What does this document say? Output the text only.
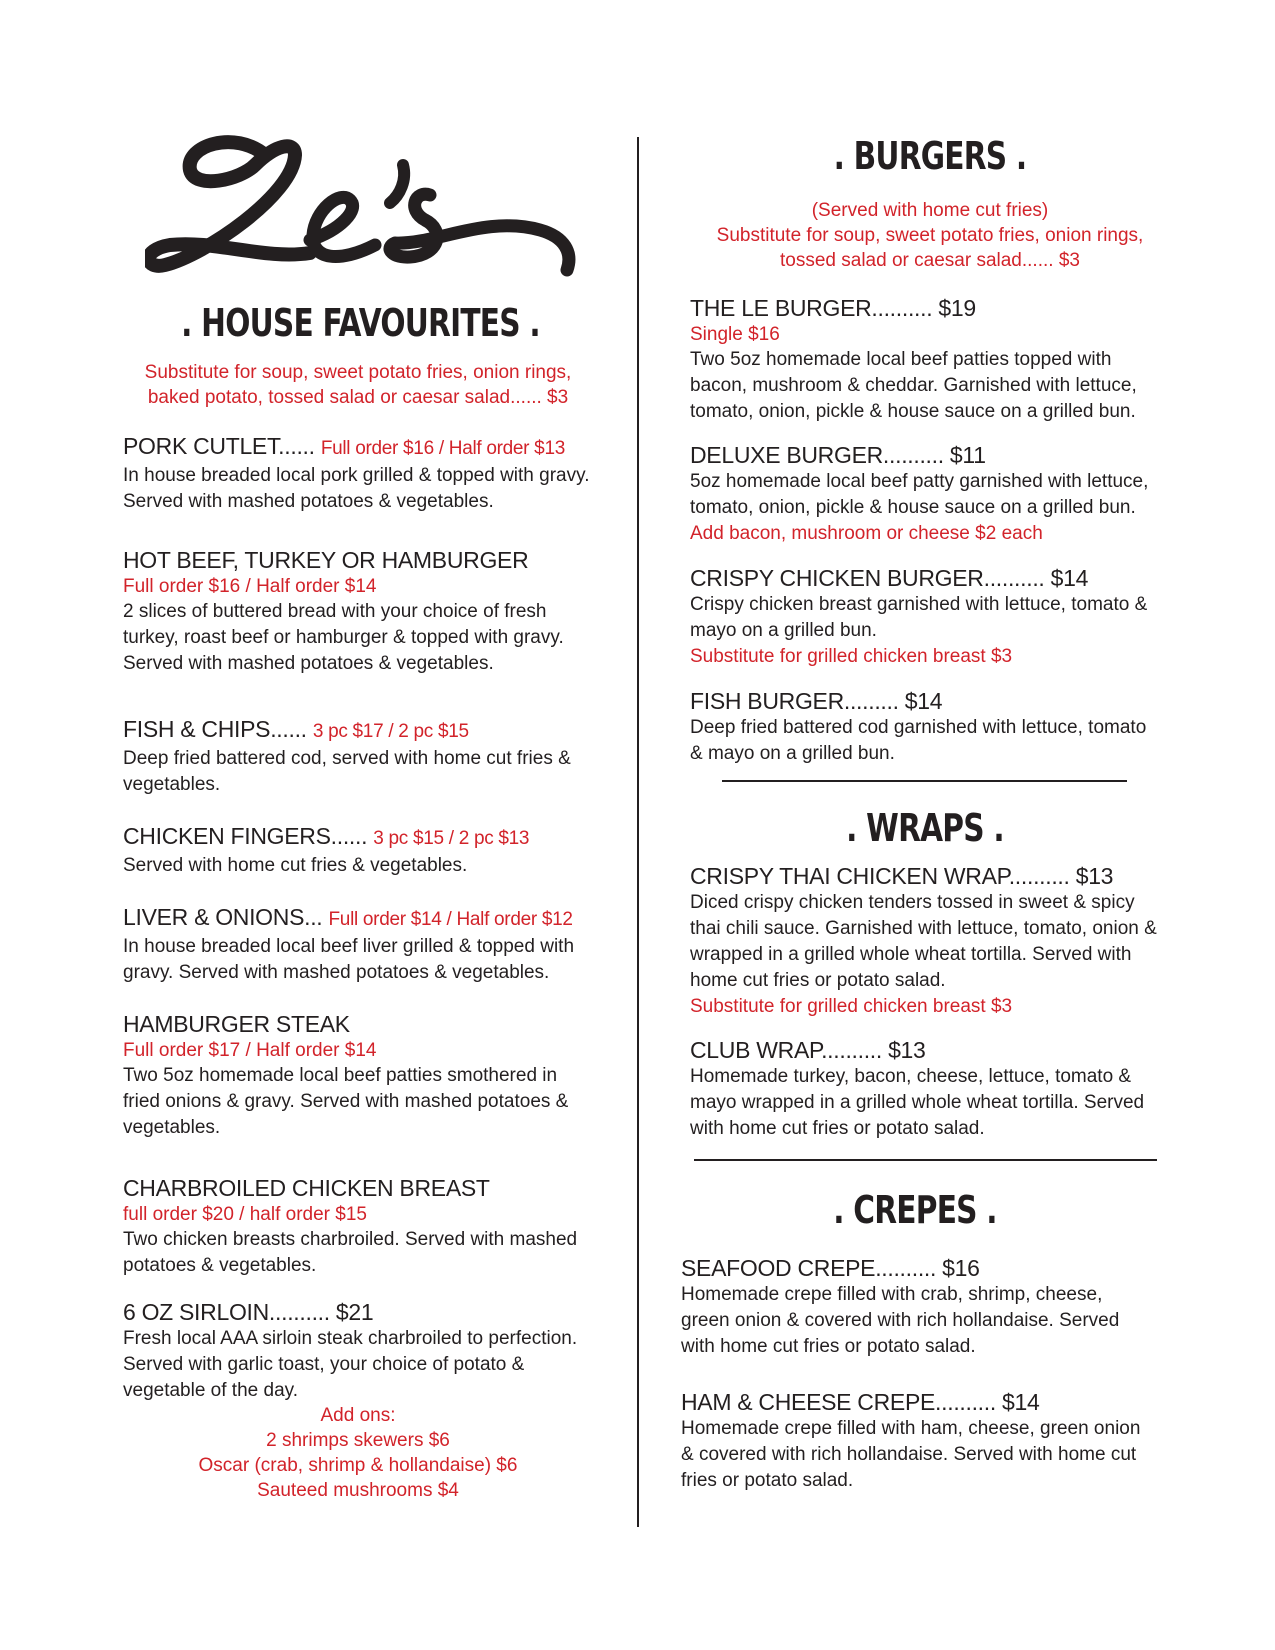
. HOUSE FAVOURITES .
Substitute for soup, sweet potato fries, onion rings,
baked potato, tossed salad or caesar salad...... $3
PORK CUTLET...... Full order $16 / Half order $13
In house breaded local pork grilled & topped with gravy.
Served with mashed potatoes & vegetables.
HOT BEEF, TURKEY OR HAMBURGER
Full order $16 / Half order $14
2 slices of buttered bread with your choice of fresh
turkey, roast beef or hamburger & topped with gravy.
Served with mashed potatoes & vegetables.
FISH & CHIPS...... 3 pc $17 / 2 pc $15
Deep fried battered cod, served with home cut fries &
vegetables.
CHICKEN FINGERS...... 3 pc $15 / 2 pc $13
Served with home cut fries & vegetables.
LIVER & ONIONS... Full order $14 / Half order $12
In house breaded local beef liver grilled & topped with
gravy. Served with mashed potatoes & vegetables.
HAMBURGER STEAK
Full order $17 / Half order $14
Two 5oz homemade local beef patties smothered in
fried onions & gravy. Served with mashed potatoes &
vegetables.
CHARBROILED CHICKEN BREAST
full order $20 / half order $15
Two chicken breasts charbroiled. Served with mashed
potatoes & vegetables.
6 OZ SIRLOIN.......... $21
Fresh local AAA sirloin steak charbroiled to perfection.
Served with garlic toast, your choice of potato &
vegetable of the day.
Add ons:
2 shrimps skewers $6
Oscar (crab, shrimp & hollandaise) $6
Sauteed mushrooms $4
. BURGERS .
(Served with home cut fries)
Substitute for soup, sweet potato fries, onion rings,
tossed salad or caesar salad...... $3
THE LE BURGER.......... $19
Single $16
Two 5oz homemade local beef patties topped with
bacon, mushroom & cheddar. Garnished with lettuce,
tomato, onion, pickle & house sauce on a grilled bun.
DELUXE BURGER.......... $11
5oz homemade local beef patty garnished with lettuce,
tomato, onion, pickle & house sauce on a grilled bun.
Add bacon, mushroom or cheese $2 each
CRISPY CHICKEN BURGER.......... $14
Crispy chicken breast garnished with lettuce, tomato &
mayo on a grilled bun.
Substitute for grilled chicken breast $3
FISH BURGER......... $14
Deep fried battered cod garnished with lettuce, tomato
& mayo on a grilled bun.
. WRAPS .
CRISPY THAI CHICKEN WRAP.......... $13
Diced crispy chicken tenders tossed in sweet & spicy
thai chili sauce. Garnished with lettuce, tomato, onion &
wrapped in a grilled whole wheat tortilla. Served with
home cut fries or potato salad.
Substitute for grilled chicken breast $3
CLUB WRAP.......... $13
Homemade turkey, bacon, cheese, lettuce, tomato &
mayo wrapped in a grilled whole wheat tortilla. Served
with home cut fries or potato salad.
. CREPES .
SEAFOOD CREPE.......... $16
Homemade crepe filled with crab, shrimp, cheese,
green onion & covered with rich hollandaise. Served
with home cut fries or potato salad.
HAM & CHEESE CREPE.......... $14
Homemade crepe filled with ham, cheese, green onion
& covered with rich hollandaise. Served with home cut
fries or potato salad.
